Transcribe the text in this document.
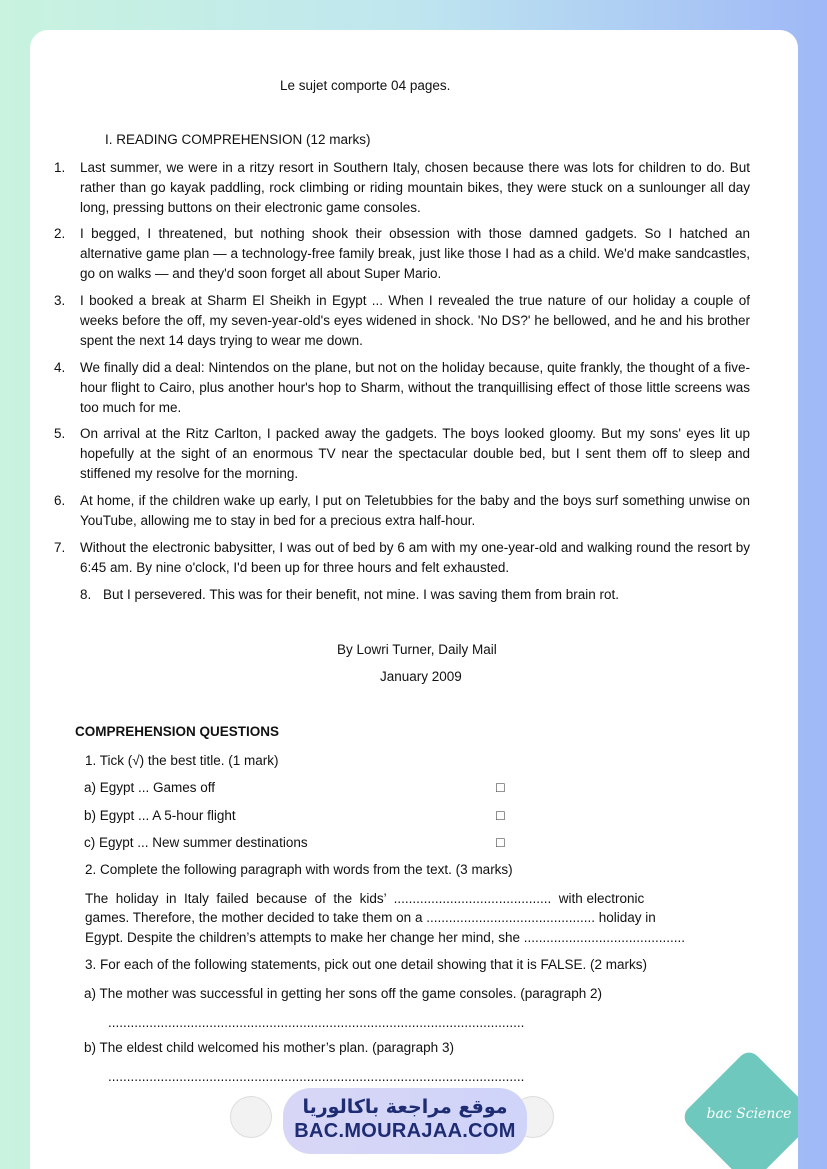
Le sujet comporte 04 pages.
I. READING COMPREHENSION (12 marks)
1. Last summer, we were in a ritzy resort in Southern Italy, chosen because there was lots for children to do. But rather than go kayak paddling, rock climbing or riding mountain bikes, they were stuck on a sunlounger all day long, pressing buttons on their electronic game consoles.
2. I begged, I threatened, but nothing shook their obsession with those damned gadgets. So I hatched an alternative game plan — a technology-free family break, just like those I had as a child. We'd make sandcastles, go on walks — and they'd soon forget all about Super Mario.
3. I booked a break at Sharm El Sheikh in Egypt ... When I revealed the true nature of our holiday a couple of weeks before the off, my seven-year-old's eyes widened in shock. 'No DS?' he bellowed, and he and his brother spent the next 14 days trying to wear me down.
4. We finally did a deal: Nintendos on the plane, but not on the holiday because, quite frankly, the thought of a five-hour flight to Cairo, plus another hour's hop to Sharm, without the tranquillising effect of those little screens was too much for me.
5. On arrival at the Ritz Carlton, I packed away the gadgets. The boys looked gloomy. But my sons' eyes lit up hopefully at the sight of an enormous TV near the spectacular double bed, but I sent them off to sleep and stiffened my resolve for the morning.
6. At home, if the children wake up early, I put on Teletubbies for the baby and the boys surf something unwise on YouTube, allowing me to stay in bed for a precious extra half-hour.
7. Without the electronic babysitter, I was out of bed by 6 am with my one-year-old and walking round the resort by 6:45 am. By nine o'clock, I'd been up for three hours and felt exhausted.
8. But I persevered. This was for their benefit, not mine. I was saving them from brain rot.
By Lowri Turner, Daily Mail
January 2009
COMPREHENSION QUESTIONS
1. Tick (√) the best title. (1 mark)
a) Egypt ... Games off	☐
b) Egypt ... A 5-hour flight	☐
c) Egypt ... New summer destinations	☐
2. Complete the following paragraph with words from the text. (3 marks)
The  holiday  in  Italy  failed  because  of  the  kids’  ..........................................  with electronic
games. Therefore, the mother decided to take them on a ............................................. holiday in
Egypt. Despite the children’s attempts to make her change her mind, she ...........................................
3. For each of the following statements, pick out one detail showing that it is FALSE. (2 marks)
a) The mother was successful in getting her sons off the game consoles. (paragraph 2)
...............................................................................................................
b) The eldest child welcomed his mother’s plan. (paragraph 3)
...............................................................................................................
موقع مراجعة باكالوريا
BAC.MOURAJAA.COM
bac Science
